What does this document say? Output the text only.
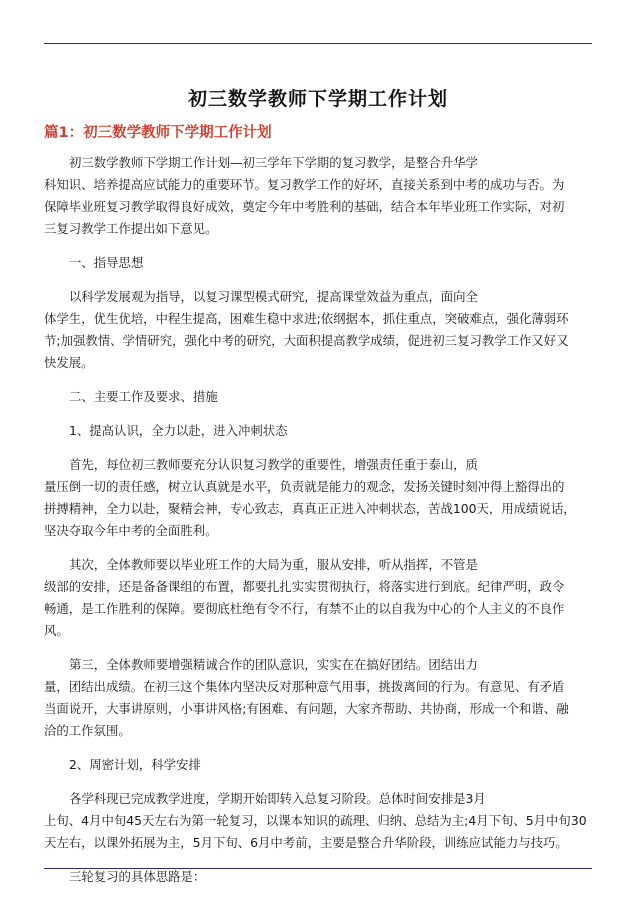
初三数学教师下学期工作计划
篇1：初三数学教师下学期工作计划

初三数学教师下学期工作计划—初三学年下学期的复习教学，是整合升华学
科知识、培养提高应试能力的重要环节。复习教学工作的好坏，直接关系到中考的成功与否。为
保障毕业班复习教学取得良好成效，奠定今年中考胜利的基础，结合本年毕业班工作实际，对初
三复习教学工作提出如下意见。

一、指导思想

以科学发展观为指导，以复习课型模式研究，提高课堂效益为重点，面向全
体学生，优生优培，中程生提高，困难生稳中求进;依纲据本，抓住重点，突破难点，强化薄弱环
节;加强教情、学情研究，强化中考的研究，大面积提高教学成绩，促进初三复习教学工作又好又
快发展。

二、主要工作及要求、措施

1、提高认识，全力以赴，进入冲刺状态

首先，每位初三教师要充分认识复习教学的重要性，增强责任重于泰山，质
量压倒一切的责任感，树立认真就是水平，负责就是能力的观念，发扬关键时刻冲得上豁得出的
拼搏精神，全力以赴，聚精会神，专心致志，真真正正进入冲刺状态，苦战100天，用成绩说话，
坚决夺取今年中考的全面胜利。

其次，全体教师要以毕业班工作的大局为重，服从安排，听从指挥，不管是
级部的安排，还是备备课组的布置，都要扎扎实实贯彻执行，将落实进行到底。纪律严明，政令
畅通，是工作胜利的保障。要彻底杜绝有令不行，有禁不止的以自我为中心的个人主义的不良作
风。

第三，全体教师要增强精诚合作的团队意识，实实在在搞好团结。团结出力
量，团结出成绩。在初三这个集体内坚决反对那种意气用事，挑拨离间的行为。有意见、有矛盾
当面说开，大事讲原则，小事讲风格;有困难、有问题，大家齐帮助、共协商，形成一个和谐、融
洽的工作氛围。

2、周密计划，科学安排

各学科现已完成教学进度，学期开始即转入总复习阶段。总体时间安排是3月
上旬、4月中旬45天左右为第一轮复习，以课本知识的疏理、归纳、总结为主;4月下旬、5月中旬30
天左右，以课外拓展为主，5月下旬、6月中考前，主要是整合升华阶段，训练应试能力与技巧。

三轮复习的具体思路是：
